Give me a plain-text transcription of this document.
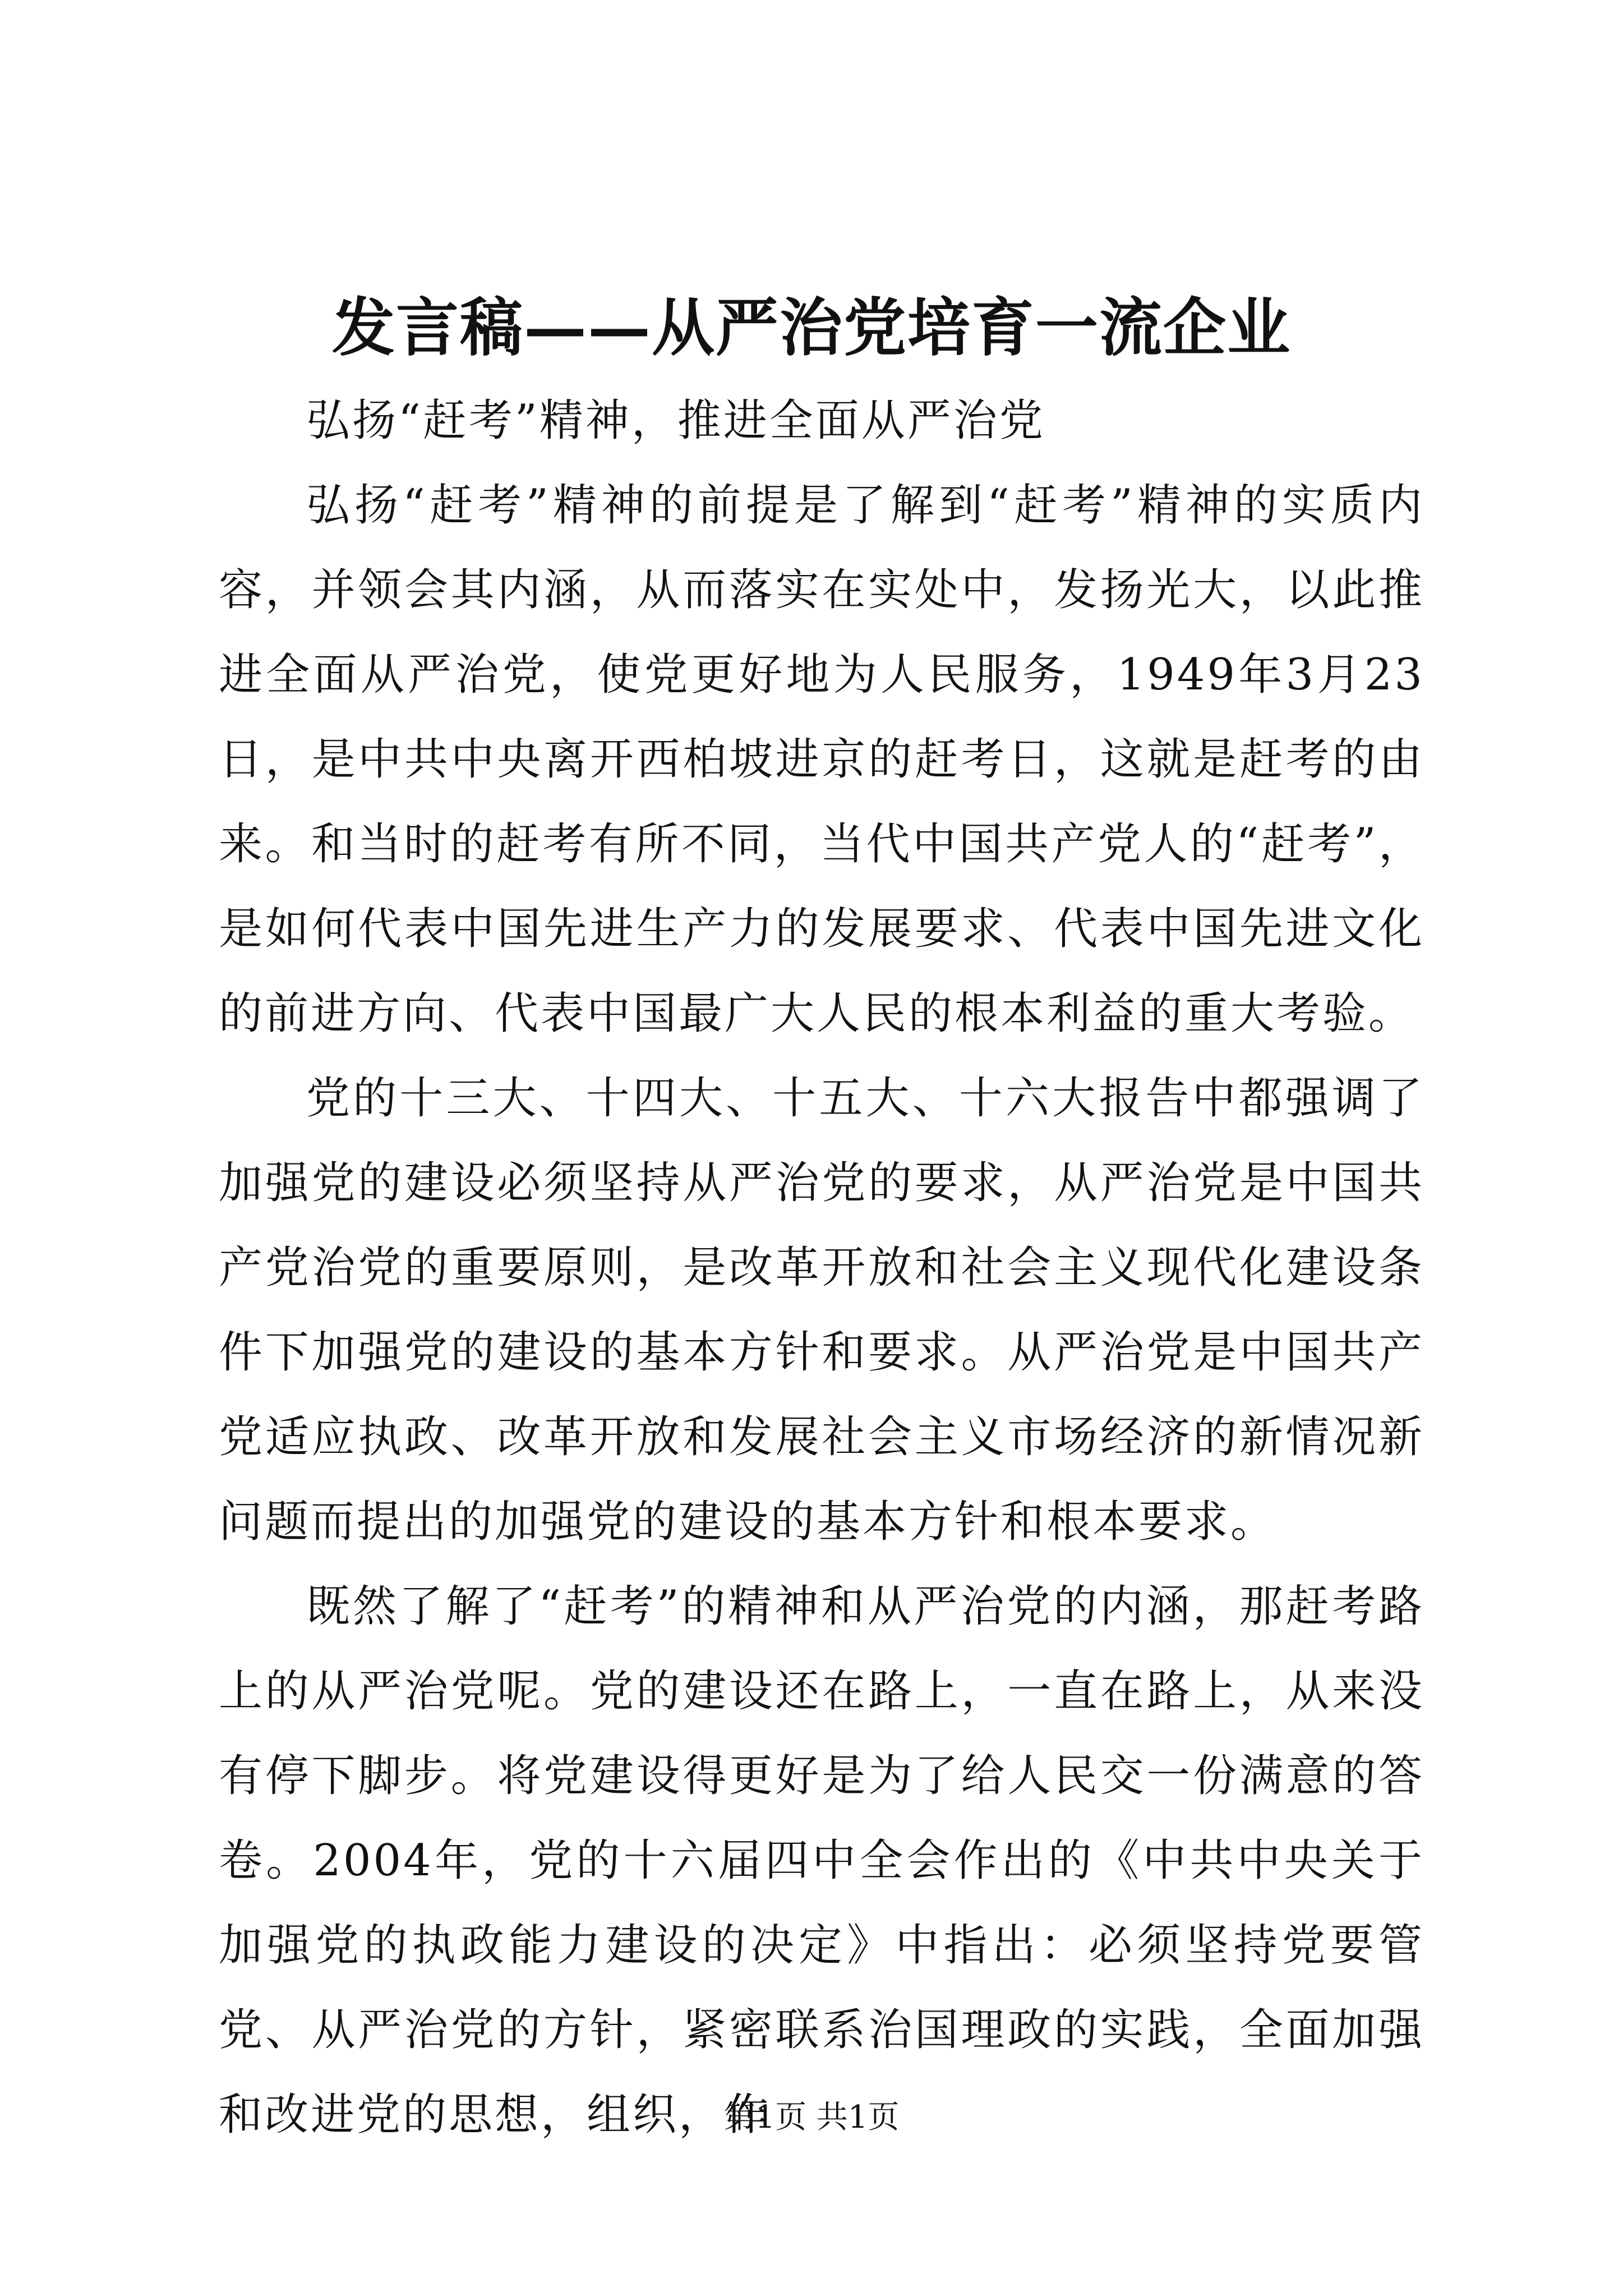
发言稿——从严治党培育一流企业

弘扬“赶考”精神，推进全面从严治党

弘扬“赶考”精神的前提是了解到“赶考”精神的实质内容，并领会其内涵，从而落实在实处中，发扬光大，以此推进全面从严治党，使党更好地为人民服务，1949年3月23日，是中共中央离开西柏坡进京的赶考日，这就是赶考的由来。和当时的赶考有所不同，当代中国共产党人的“赶考”，是如何代表中国先进生产力的发展要求、代表中国先进文化的前进方向、代表中国最广大人民的根本利益的重大考验。

党的十三大、十四大、十五大、十六大报告中都强调了加强党的建设必须坚持从严治党的要求，从严治党是中国共产党治党的重要原则，是改革开放和社会主义现代化建设条件下加强党的建设的基本方针和要求。从严治党是中国共产党适应执政、改革开放和发展社会主义市场经济的新情况新问题而提出的加强党的建设的基本方针和根本要求。

既然了解了“赶考”的精神和从严治党的内涵，那赶考路上的从严治党呢。党的建设还在路上，一直在路上，从来没有停下脚步。将党建设得更好是为了给人民交一份满意的答卷。2004年，党的十六届四中全会作出的《中共中央关于加强党的执政能力建设的决定》中指出：必须坚持党要管党、从严治党的方针，紧密联系治国理政的实践，全面加强和改进党的思想，组织，作

第1页 共1页
